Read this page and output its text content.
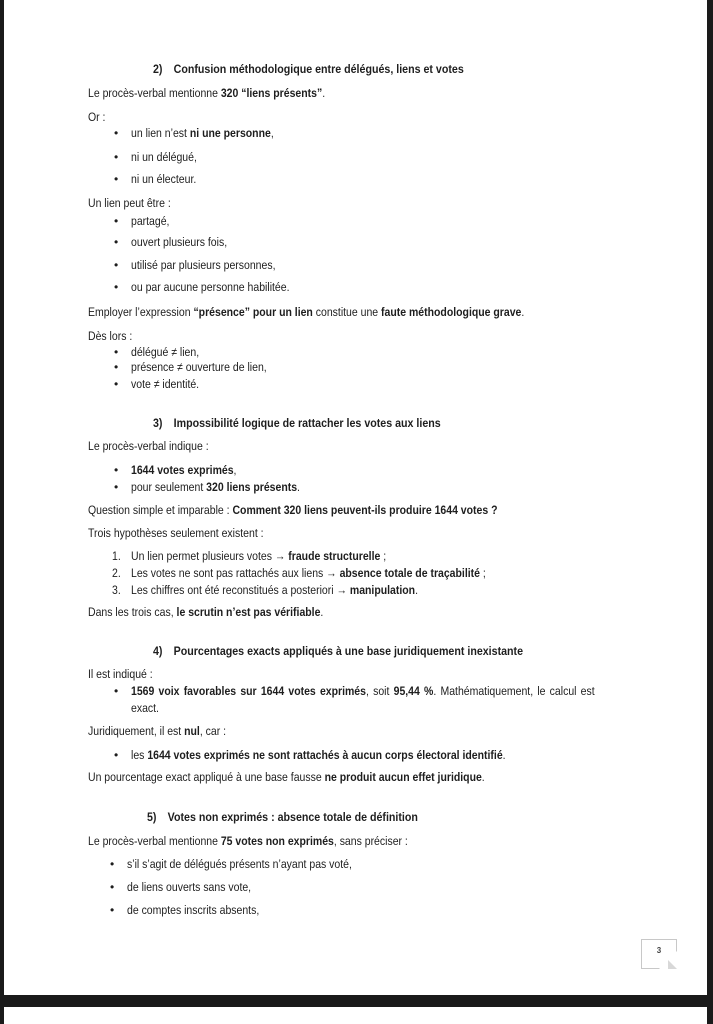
2) Confusion méthodologique entre délégués, liens et votes
Le procès-verbal mentionne 320 “liens présents”.
Or :
• un lien n’est ni une personne,
• ni un délégué,
• ni un électeur.
Un lien peut être :
• partagé,
• ouvert plusieurs fois,
• utilisé par plusieurs personnes,
• ou par aucune personne habilitée.
Employer l’expression “présence” pour un lien constitue une faute méthodologique grave.
Dès lors :
• délégué ≠ lien,
• présence ≠ ouverture de lien,
• vote ≠ identité.
3) Impossibilité logique de rattacher les votes aux liens
Le procès-verbal indique :
• 1644 votes exprimés,
• pour seulement 320 liens présents.
Question simple et imparable : Comment 320 liens peuvent-ils produire 1644 votes ?
Trois hypothèses seulement existent :
1. Un lien permet plusieurs votes → fraude structurelle ;
2. Les votes ne sont pas rattachés aux liens → absence totale de traçabilité ;
3. Les chiffres ont été reconstitués a posteriori → manipulation.
Dans les trois cas, le scrutin n’est pas vérifiable.
4) Pourcentages exacts appliqués à une base juridiquement inexistante
Il est indiqué :
• 1569 voix favorables sur 1644 votes exprimés, soit 95,44 %. Mathématiquement, le calcul est
exact.
Juridiquement, il est nul, car :
• les 1644 votes exprimés ne sont rattachés à aucun corps électoral identifié.
Un pourcentage exact appliqué à une base fausse ne produit aucun effet juridique.
5) Votes non exprimés : absence totale de définition
Le procès-verbal mentionne 75 votes non exprimés, sans préciser :
• s’il s’agit de délégués présents n’ayant pas voté,
• de liens ouverts sans vote,
• de comptes inscrits absents,
3
